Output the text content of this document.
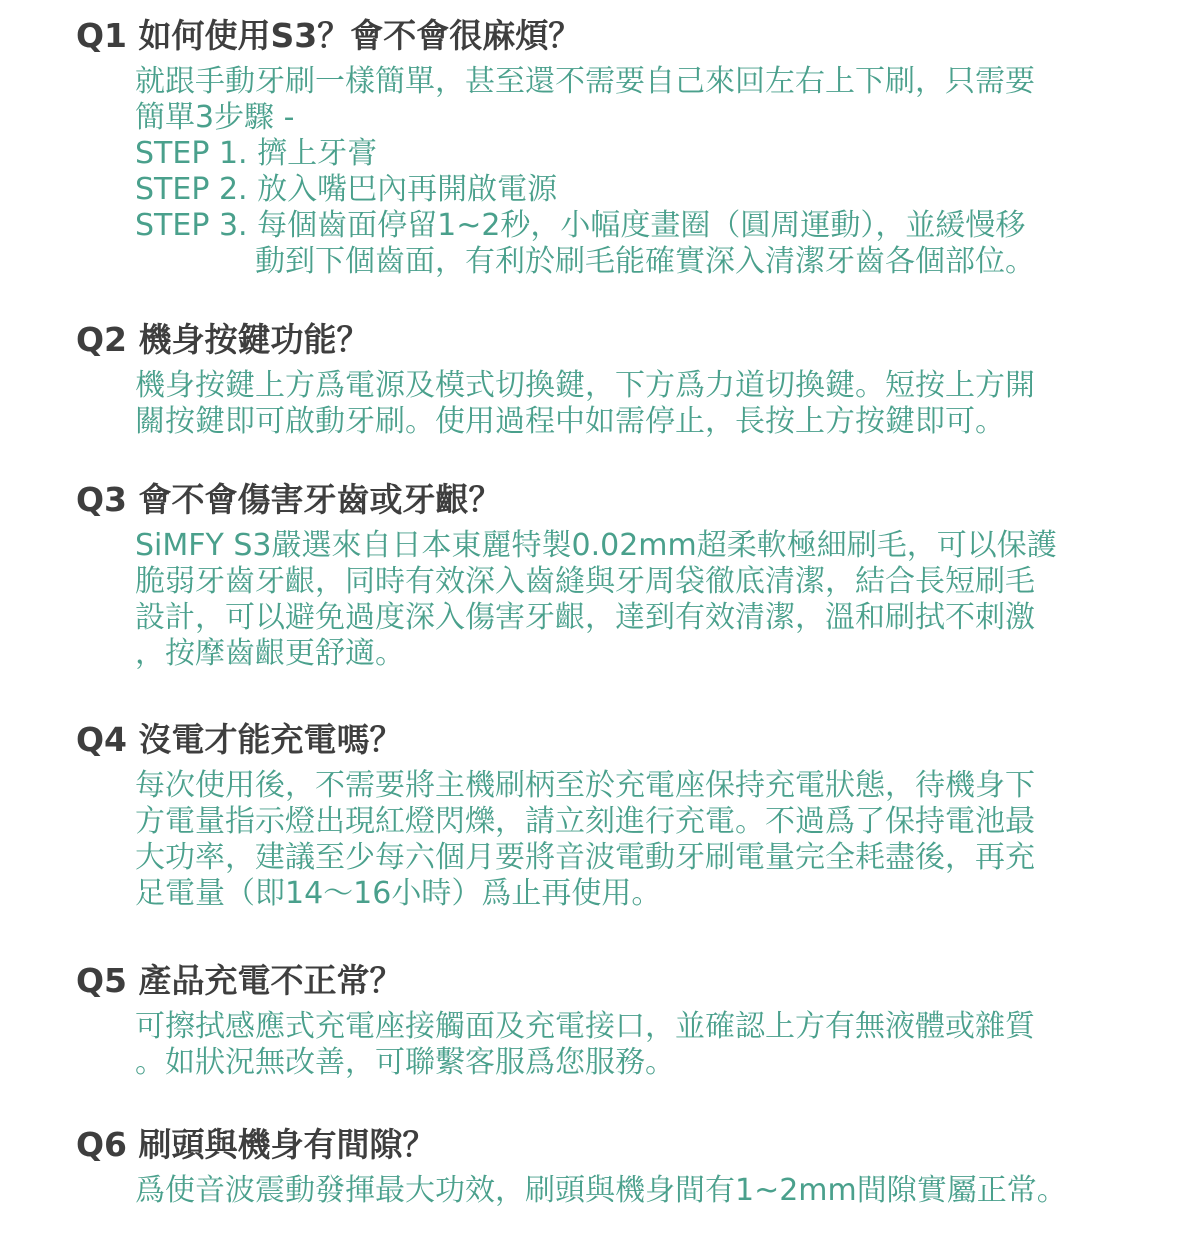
Q1 如何使用S3？會不會很麻煩？
就跟手動牙刷一樣簡單，甚至還不需要自己來回左右上下刷，只需要
簡單3步驟 -
STEP 1. 擠上牙膏
STEP 2. 放入嘴巴內再開啟電源
STEP 3. 每個齒面停留1~2秒，小幅度畫圈（圓周運動），並緩慢移
動到下個齒面，有利於刷毛能確實深入清潔牙齒各個部位。
Q2 機身按鍵功能？
機身按鍵上方爲電源及模式切換鍵，下方爲力道切換鍵。短按上方開
關按鍵即可啟動牙刷。使用過程中如需停止，長按上方按鍵即可。
Q3 會不會傷害牙齒或牙齦？
SiMFY S3嚴選來自日本東麗特製0.02mm超柔軟極細刷毛，可以保護
脆弱牙齒牙齦，同時有效深入齒縫與牙周袋徹底清潔，結合長短刷毛
設計，可以避免過度深入傷害牙齦，達到有效清潔，溫和刷拭不刺激
，按摩齒齦更舒適。
Q4 沒電才能充電嗎？
每次使用後，不需要將主機刷柄至於充電座保持充電狀態，待機身下
方電量指示燈出現紅燈閃爍，請立刻進行充電。不過爲了保持電池最
大功率，建議至少每六個月要將音波電動牙刷電量完全耗盡後，再充
足電量（即14～16小時）爲止再使用。
Q5 產品充電不正常？
可擦拭感應式充電座接觸面及充電接口，並確認上方有無液體或雜質
。如狀況無改善，可聯繫客服爲您服務。
Q6 刷頭與機身有間隙？
爲使音波震動發揮最大功效，刷頭與機身間有1~2mm間隙實屬正常。
